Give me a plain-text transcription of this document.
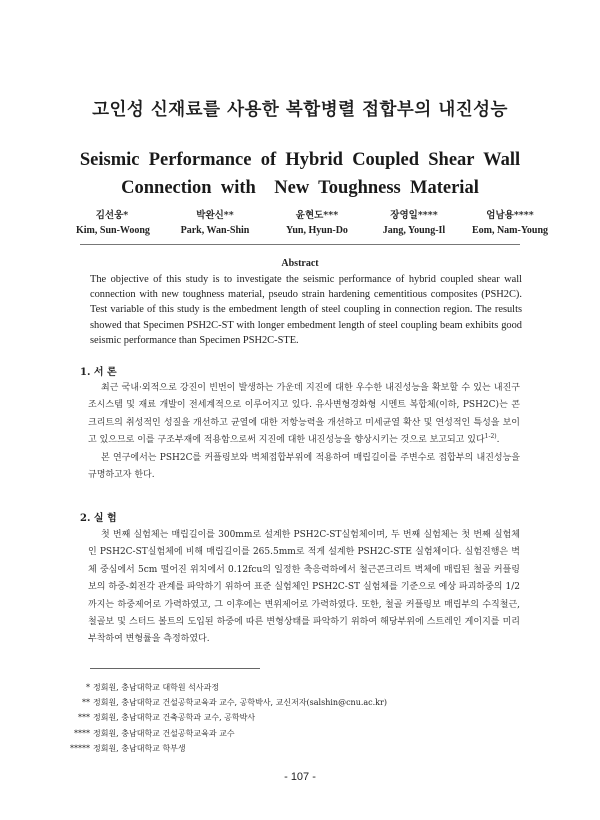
고인성 신재료를 사용한 복합병렬 접합부의 내진성능
Seismic  Performance  of  Hybrid  Coupled  Shear  Wall
Connection  with    New  Toughness  Material
김선웅*
Kim, Sun-Woong
박완신**
Park, Wan-Shin
윤현도***
Yun, Hyun-Do
장영일****
Jang, Young-Il
엄남용****
Eom, Nam-Young
Abstract
The objective of this study is to investigate the seismic performance of hybrid coupled shear wall connection with new toughness material, pseudo strain hardening cementitious composites (PSH2C). Test variable of this study is the embedment length of steel coupling in connection region. The results showed that Specimen PSH2C-ST with longer embedment length of steel coupling beam exhibits good seismic performance than Specimen PSH2C-STE.
1. 서 론

최근 국내·외적으로 강진이 빈번이 발생하는 가운데 지진에 대한 우수한 내진성능을 확보할 수 있는 내진구조시스템 및 재료 개발이 전세계적으로 이루어지고 있다. 유사변형경화형 시멘트 복합체(이하, PSH2C)는 콘크리트의 취성적인 성질을 개선하고 균열에 대한 저항능력을 개선하고 미세균열 확산 및 연성적인 특성을 보이고 있으므로 이를 구조부재에 적용함으로써 지진에 대한 내진성능을 향상시키는 것으로 보고되고 있다$^{1-2)}$.

본 연구에서는 PSH2C를 커플링보와 벽체접합부위에 적용하여 매립길이를 주변수로 접합부의 내진성능을 규명하고자 한다.

2. 실 험

첫 번째 실험체는 매립길이를 300mm로 설계한 PSH2C-ST실험체이며, 두 번째 실험체는 첫 번째 실험체인 PSH2C-ST실험체에 비해 매립길이를 265.5mm로 적게 설계한 PSH2C-STE 실험체이다. 실험진행은 벽체 중심에서 5cm 떨어진 위치에서 0.12fcu의 일정한 축응력하에서 철근콘크리트 벽체에 매립된 철골 커플링보의 하중-회전각 관계를 파악하기 위하여 표준 실험체인 PSH2C-ST 실험체를 기준으로 예상 파괴하중의 1/2까지는 하중제어로 가력하였고, 그 이후에는 변위제어로 가력하였다. 또한, 철골 커플링보 매립부의 수직철근, 철골보 및 스터드 볼트의 도입된 하중에 따른 변형상태를 파악하기 위하여 해당부위에 스트레인 게이지를 미리 부착하여 변형률을 측정하였다.

* 정회원, 충남대학교 대학원 석사과정
** 정회원, 충남대학교 건설공학교육과 교수, 공학박사, 교신저자(salshin@cnu.ac.kr)
*** 정회원, 충남대학교 건축공학과 교수, 공학박사
**** 정회원, 충남대학교 건설공학교육과 교수
***** 정회원, 충남대학교 학부생
- 107 -
